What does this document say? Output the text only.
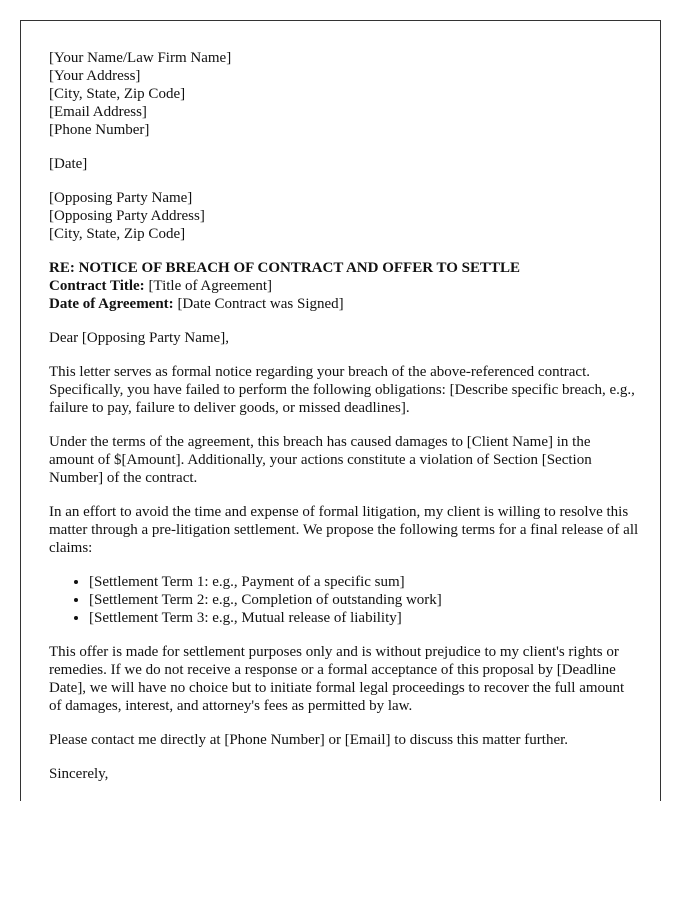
[Your Name/Law Firm Name]
[Your Address]
[City, State, Zip Code]
[Email Address]
[Phone Number]
[Date]
[Opposing Party Name]
[Opposing Party Address]
[City, State, Zip Code]
RE: NOTICE OF BREACH OF CONTRACT AND OFFER TO SETTLE
Contract Title: [Title of Agreement]
Date of Agreement: [Date Contract was Signed]

Dear [Opposing Party Name],

This letter serves as formal notice regarding your breach of the above-referenced contract. Specifically, you have failed to perform the following obligations: [Describe specific breach, e.g., failure to pay, failure to deliver goods, or missed deadlines].

Under the terms of the agreement, this breach has caused damages to [Client Name] in the amount of $[Amount]. Additionally, your actions constitute a violation of Section [Section Number] of the contract.

In an effort to avoid the time and expense of formal litigation, my client is willing to resolve this matter through a pre-litigation settlement. We propose the following terms for a final release of all claims:

• [Settlement Term 1: e.g., Payment of a specific sum]
• [Settlement Term 2: e.g., Completion of outstanding work]
• [Settlement Term 3: e.g., Mutual release of liability]

This offer is made for settlement purposes only and is without prejudice to my client's rights or remedies. If we do not receive a response or a formal acceptance of this proposal by [Deadline Date], we will have no choice but to initiate formal legal proceedings to recover the full amount of damages, interest, and attorney's fees as permitted by law.

Please contact me directly at [Phone Number] or [Email] to discuss this matter further.

Sincerely,
